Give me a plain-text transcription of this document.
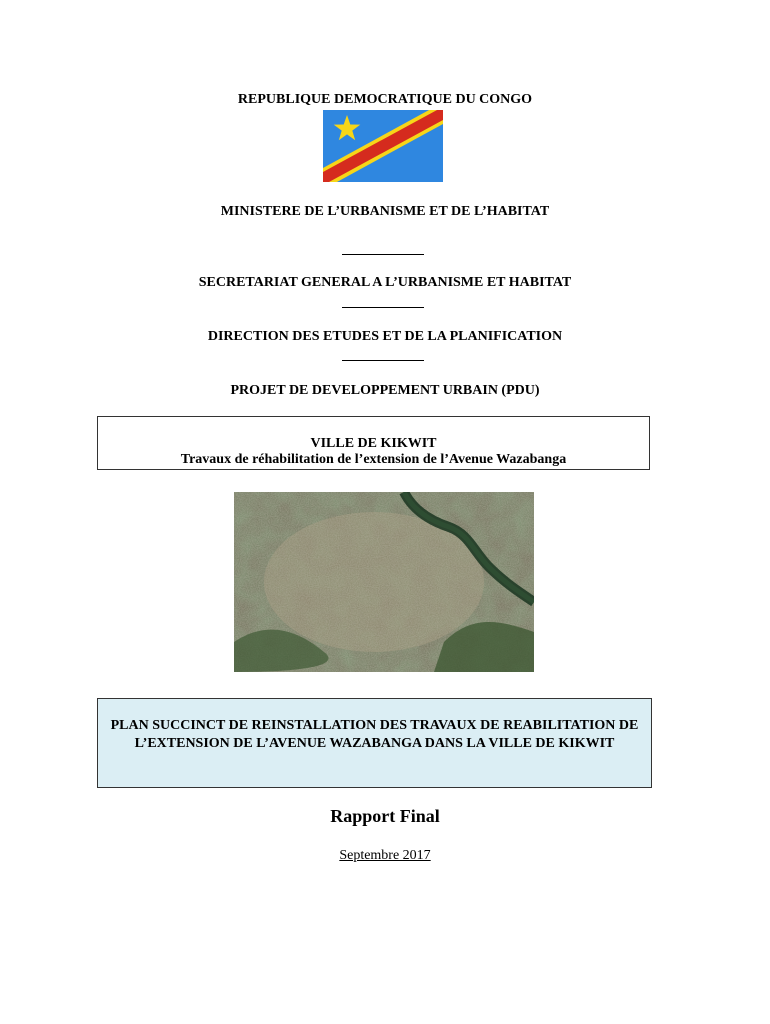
REPUBLIQUE DEMOCRATIQUE DU CONGO
MINISTERE DE L’URBANISME ET DE L’HABITAT
SECRETARIAT GENERAL A L’URBANISME ET HABITAT
DIRECTION DES ETUDES ET DE LA PLANIFICATION
PROJET DE DEVELOPPEMENT URBAIN (PDU)
VILLE DE KIKWIT
Travaux de réhabilitation de l’extension de l’Avenue Wazabanga
PLAN SUCCINCT DE REINSTALLATION DES TRAVAUX DE REABILITATION DE L’EXTENSION DE L’AVENUE WAZABANGA DANS LA VILLE DE KIKWIT
Rapport Final
Septembre 2017
